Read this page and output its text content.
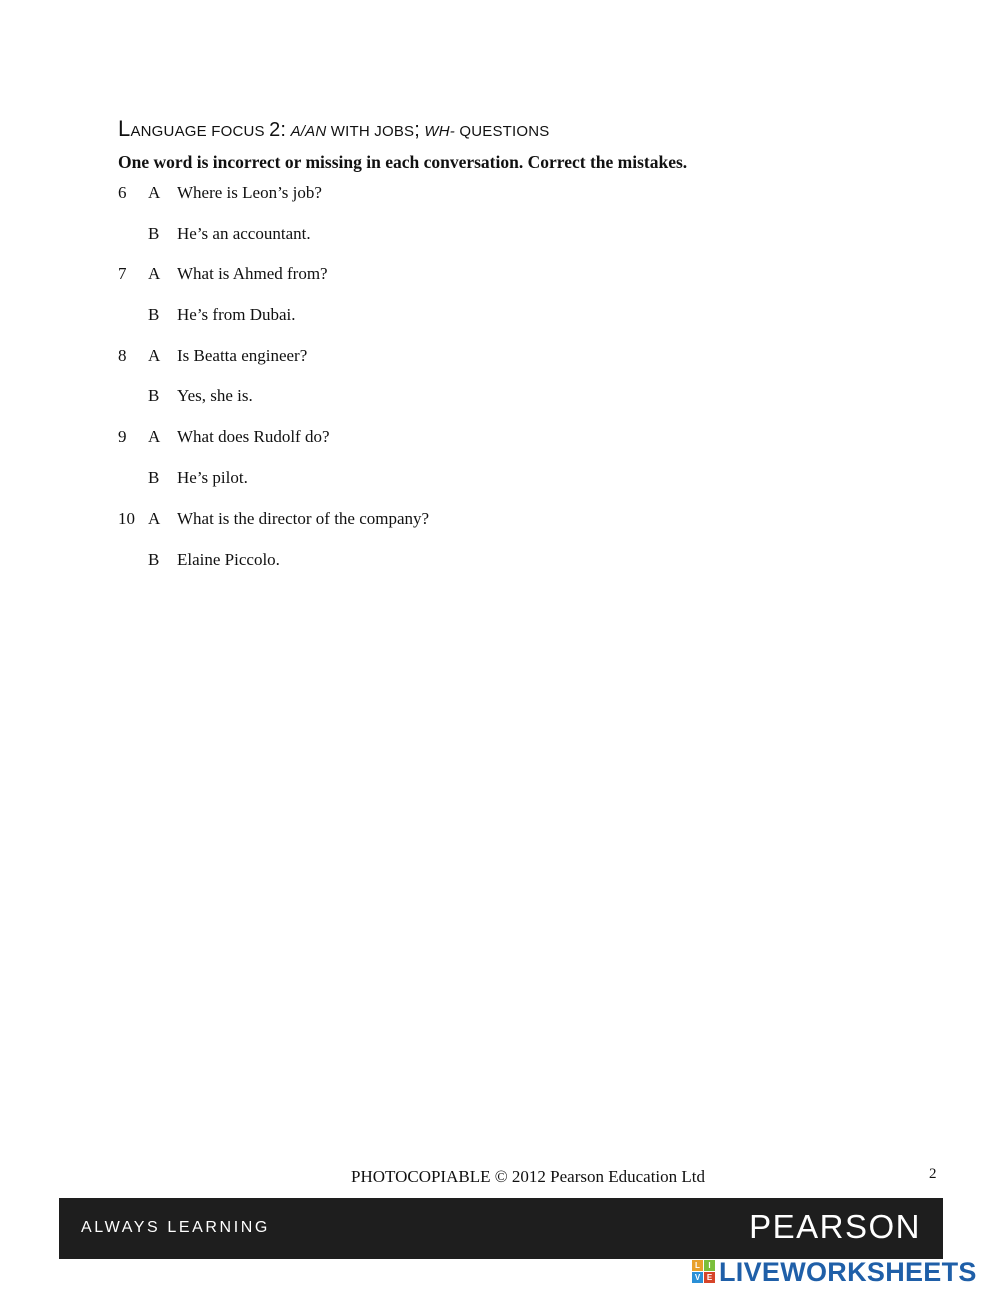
LANGUAGE FOCUS 2: A/AN WITH JOBS; WH- QUESTIONS
One word is incorrect or missing in each conversation. Correct the mistakes.
6 A Where is Leon’s job?
B He’s an accountant.
7 A What is Ahmed from?
B He’s from Dubai.
8 A Is Beatta engineer?
B Yes, she is.
9 A What does Rudolf do?
B He’s pilot.
10 A What is the director of the company?
B Elaine Piccolo.
PHOTOCOPIABLE © 2012 Pearson Education Ltd	2
ALWAYS LEARNING	PEARSON
L	I
V E LIVEWORKSHEETS
